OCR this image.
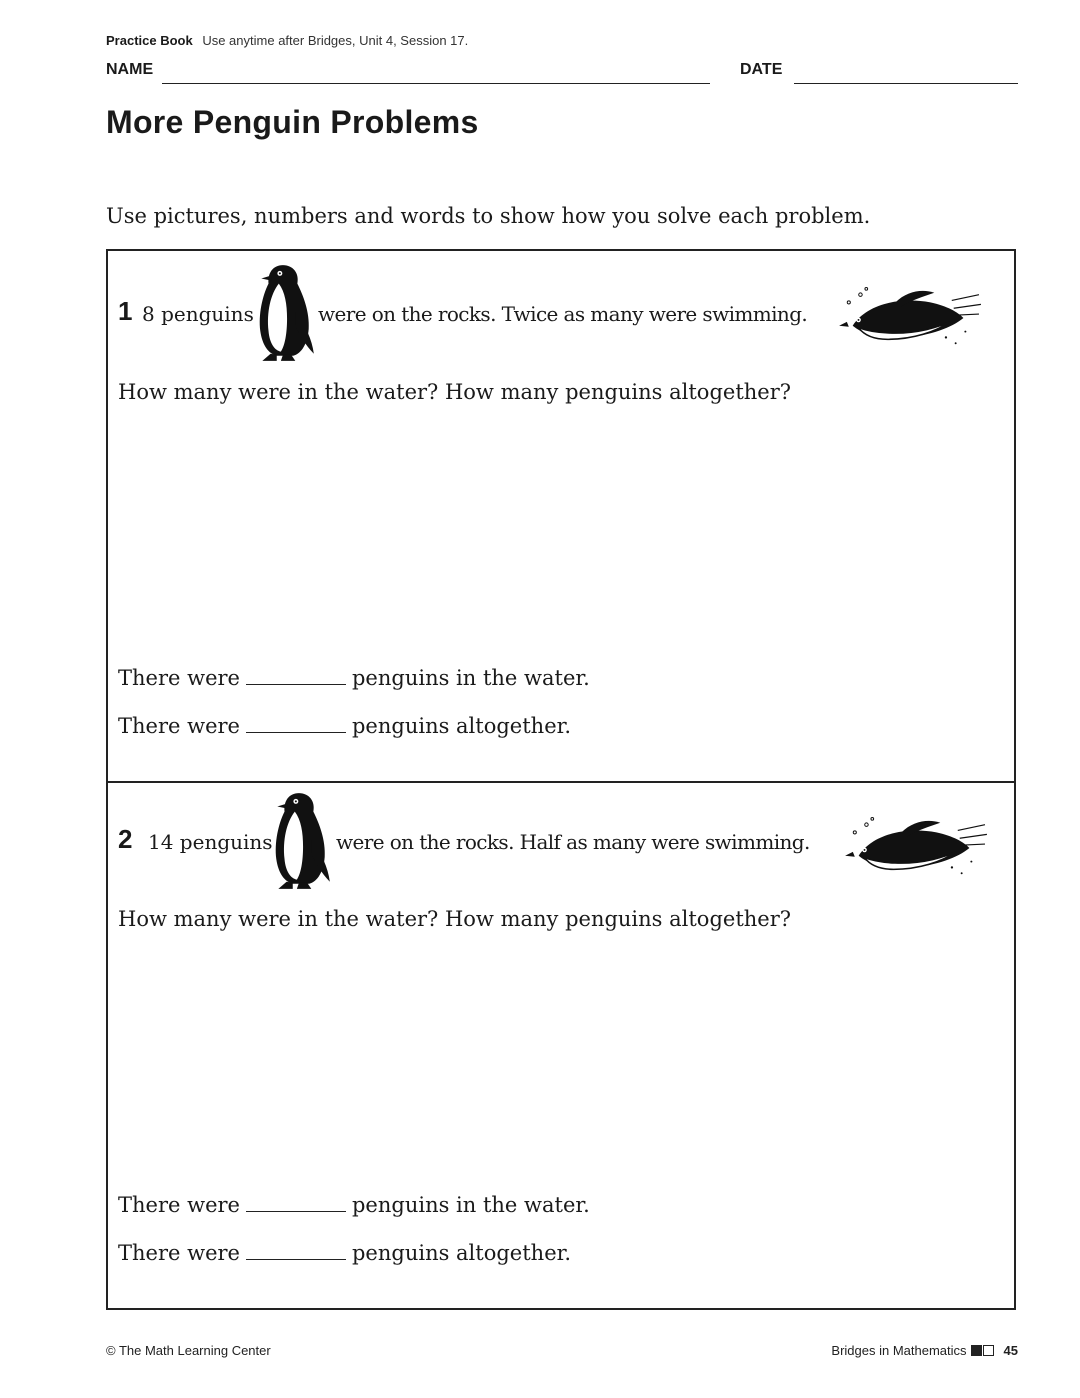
Practice Book Use anytime after Bridges, Unit 4, Session 17.
NAME	DATE
More Penguin Problems
Use pictures, numbers and words to show how you solve each problem.
1 8 penguins	were on the rocks. Twice as many were swimming.
How many were in the water? How many penguins altogether?
There were	penguins in the water.
There were	penguins altogether.
2 14 penguins	were on the rocks. Half as many were swimming.
How many were in the water? How many penguins altogether?
There were	penguins in the water.
There were	penguins altogether.
© The Math Learning Center	Bridges in Mathematics	45
